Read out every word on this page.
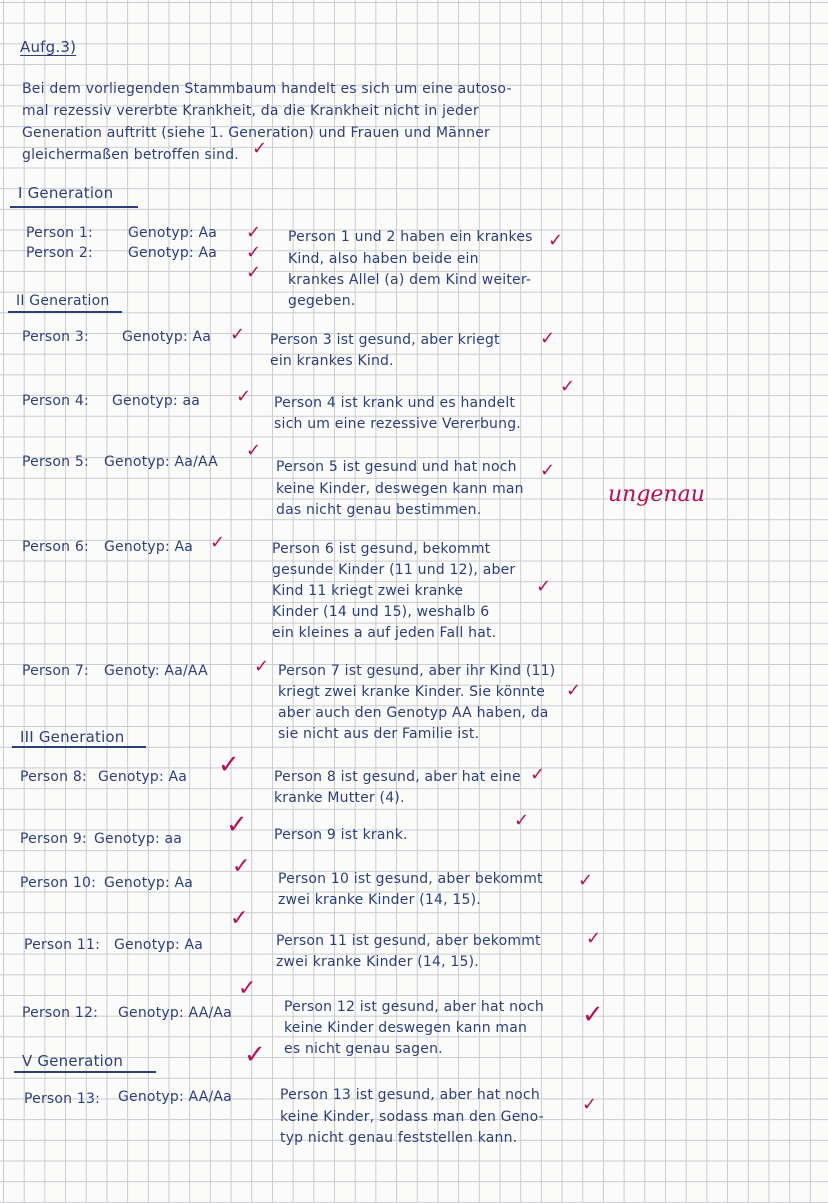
Aufg.3)
Bei dem vorliegenden Stammbaum handelt es sich um eine autoso-
mal rezessiv vererbte Krankheit, da die Krankheit nicht in jeder
Generation auftritt (siehe 1. Generation) und Frauen und Männer
gleichermaßen betroffen sind. ✓
I Generation
Person 1:	Genotyp: Aa
Person 2:	Genotyp: Aa
✓
✓
✓
Person 1 und 2 haben ein krankes
Kind, also haben beide ein
krankes Allel (a) dem Kind weiter-
gegeben.
✓
II Generation
Person 3: Genotyp: Aa ✓ Person 3 ist gesund, aber kriegt
ein krankes Kind.
✓
Person 4: Genotyp: aa ✓ Person 4 ist krank und es handelt
sich um eine rezessive Vererbung.
✓
Person 5: Genotyp: Aa/AA
✓
Person 5 ist gesund und hat noch
keine Kinder, deswegen kann man
das nicht genau bestimmen.
✓
ungenau
Person 6: Genotyp: Aa ✓	Person 6 ist gesund, bekommt
gesunde Kinder (11 und 12), aber
Kind 11 kriegt zwei kranke
Kinder (14 und 15), weshalb 6
ein kleines a auf jeden Fall hat.
✓
Person 7: Genoty: Aa/AA	✓ Person 7 ist gesund, aber ihr Kind (11)
kriegt zwei kranke Kinder. Sie könnte
aber auch den Genotyp AA haben, da
sie nicht aus der Familie ist.
✓
III Generation
Person 8: Genotyp: Aa ✓ Person 8 ist gesund, aber hat eine
kranke Mutter (4).
✓
Person 9: Genotyp: aa ✓ Person 9 ist krank.
✓
Person 10: Genotyp: Aa
✓ Person 10 ist gesund, aber bekommt
zwei kranke Kinder (14, 15).
✓
Person 11: Genotyp: Aa
✓
Person 11 ist gesund, aber bekommt
zwei kranke Kinder (14, 15).
✓
Person 12: Genotyp: AA/Aa
✓
Person 12 ist gesund, aber hat noch
keine Kinder deswegen kann man
es nicht genau sagen.
✓
V Generation
Person 13: Genotyp: AA/Aa
✓
Person 13 ist gesund, aber hat noch
keine Kinder, sodass man den Geno-
typ nicht genau feststellen kann.
✓
